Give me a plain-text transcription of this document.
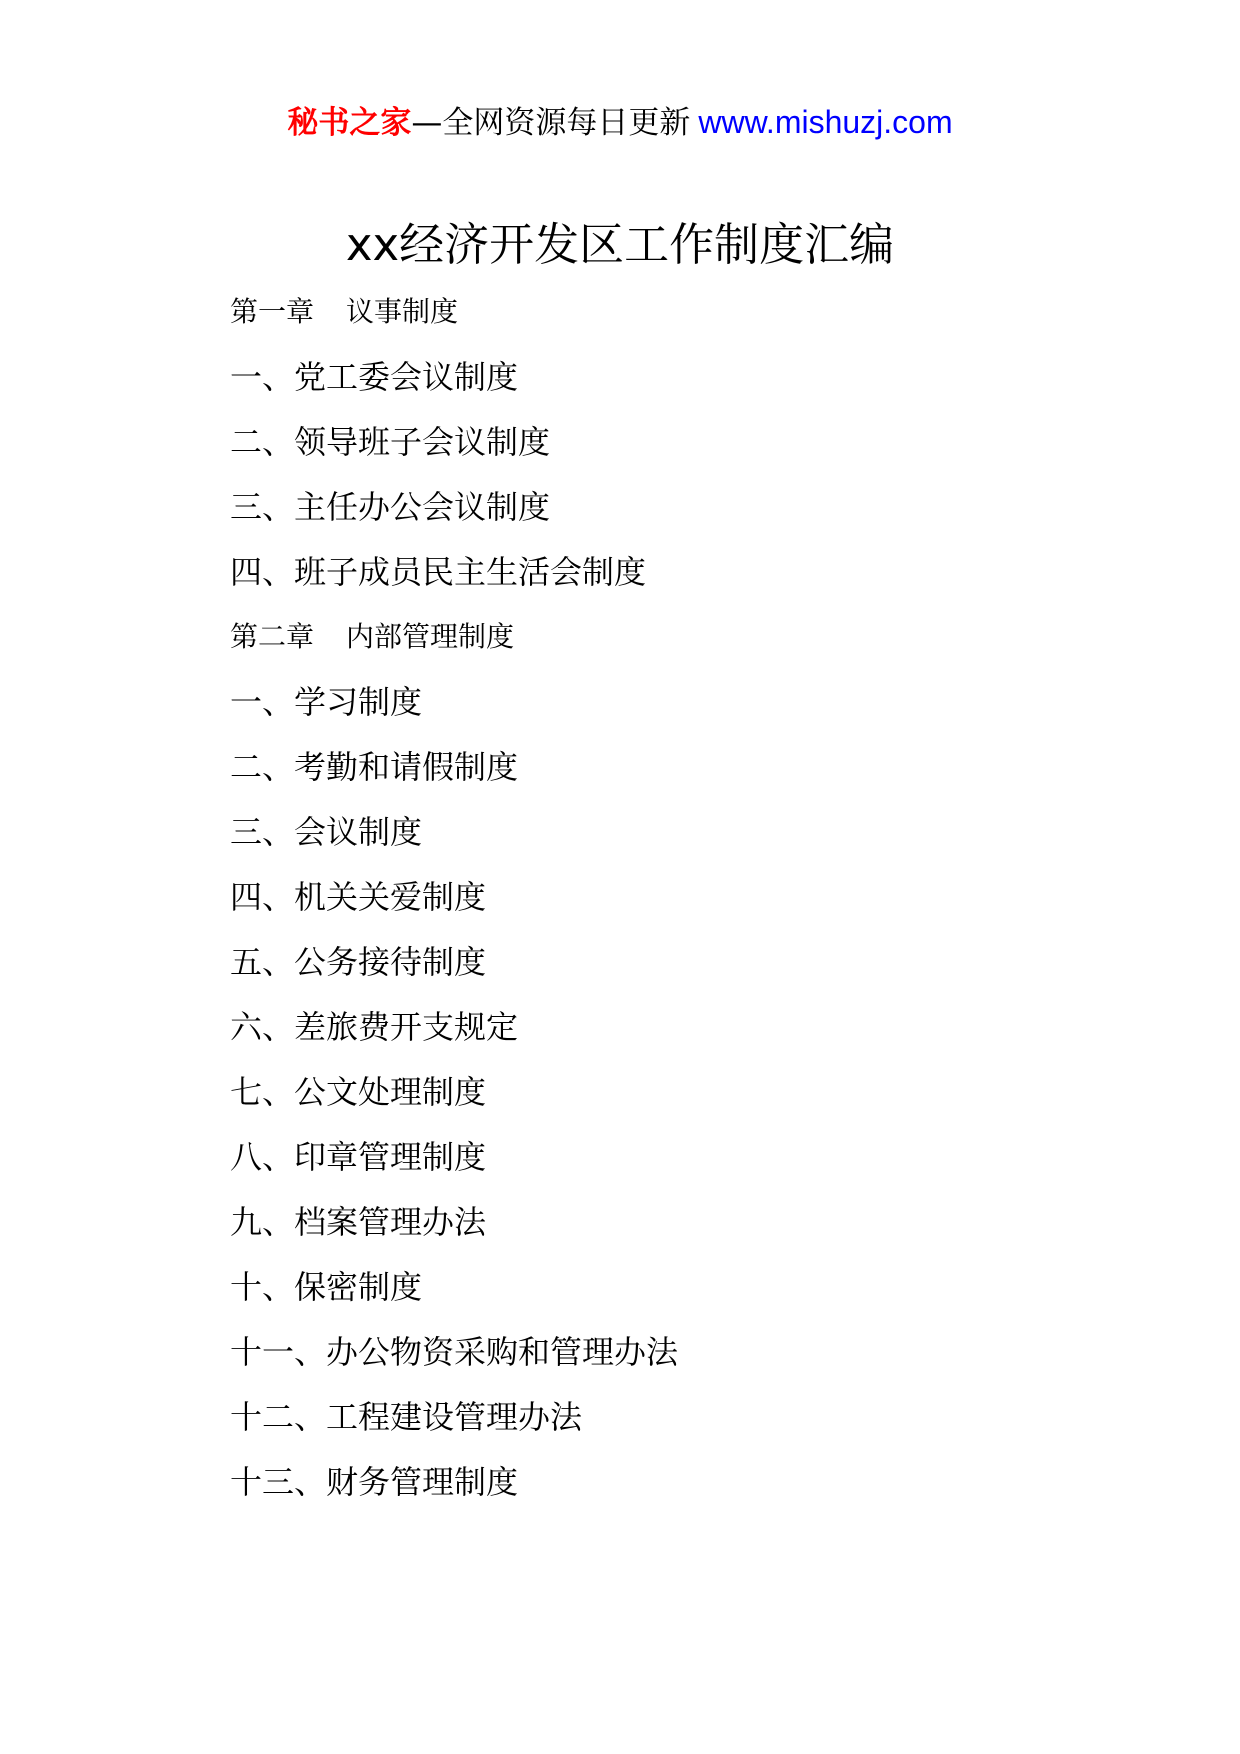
秘书之家—全网资源每日更新 www.mishuzj.com
xx经济开发区工作制度汇编
第一章 议事制度
一、党工委会议制度
二、领导班子会议制度
三、主任办公会议制度
四、班子成员民主生活会制度
第二章 内部管理制度
一、学习制度
二、考勤和请假制度
三、会议制度
四、机关关爱制度
五、公务接待制度
六、差旅费开支规定
七、公文处理制度
八、印章管理制度
九、档案管理办法
十、保密制度
十一、办公物资采购和管理办法
十二、工程建设管理办法
十三、财务管理制度
